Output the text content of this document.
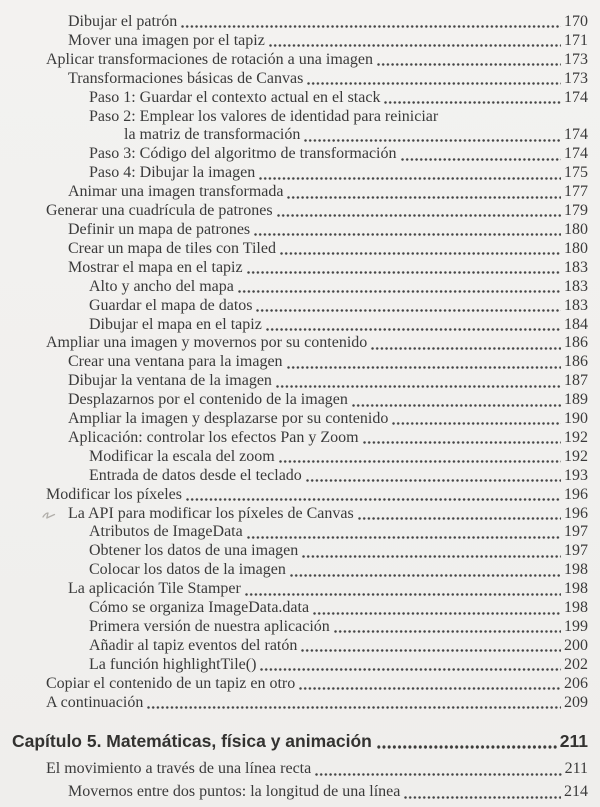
Dibujar el patrón	170
Mover una imagen por el tapiz	171
Aplicar transformaciones de rotación a una imagen	173
Transformaciones básicas de Canvas	173
Paso 1: Guardar el contexto actual en el stack	174
Paso 2: Emplear los valores de identidad para reiniciar
la matriz de transformación	174
Paso 3: Código del algoritmo de transformación	174
Paso 4: Dibujar la imagen	175
Animar una imagen transformada	177
Generar una cuadrícula de patrones	179
Definir un mapa de patrones	180
Crear un mapa de tiles con Tiled	180
Mostrar el mapa en el tapiz	183
Alto y ancho del mapa	183
Guardar el mapa de datos	183
Dibujar el mapa en el tapiz	184
Ampliar una imagen y movernos por su contenido	186
Crear una ventana para la imagen	186
Dibujar la ventana de la imagen	187
Desplazarnos por el contenido de la imagen	189
Ampliar la imagen y desplazarse por su contenido	190
Aplicación: controlar los efectos Pan y Zoom	192
Modificar la escala del zoom	192
Entrada de datos desde el teclado	193
Modificar los píxeles	196
La API para modificar los píxeles de Canvas	196
Atributos de ImageData	197
Obtener los datos de una imagen	197
Colocar los datos de la imagen	198
La aplicación Tile Stamper	198
Cómo se organiza ImageData.data	198
Primera versión de nuestra aplicación	199
Añadir al tapiz eventos del ratón	200
La función highlightTile()	202
Copiar el contenido de un tapiz en otro	206
A continuación	209
Capítulo 5. Matemáticas, física y animación	211
El movimiento a través de una línea recta	211
Movernos entre dos puntos: la longitud de una línea	214
